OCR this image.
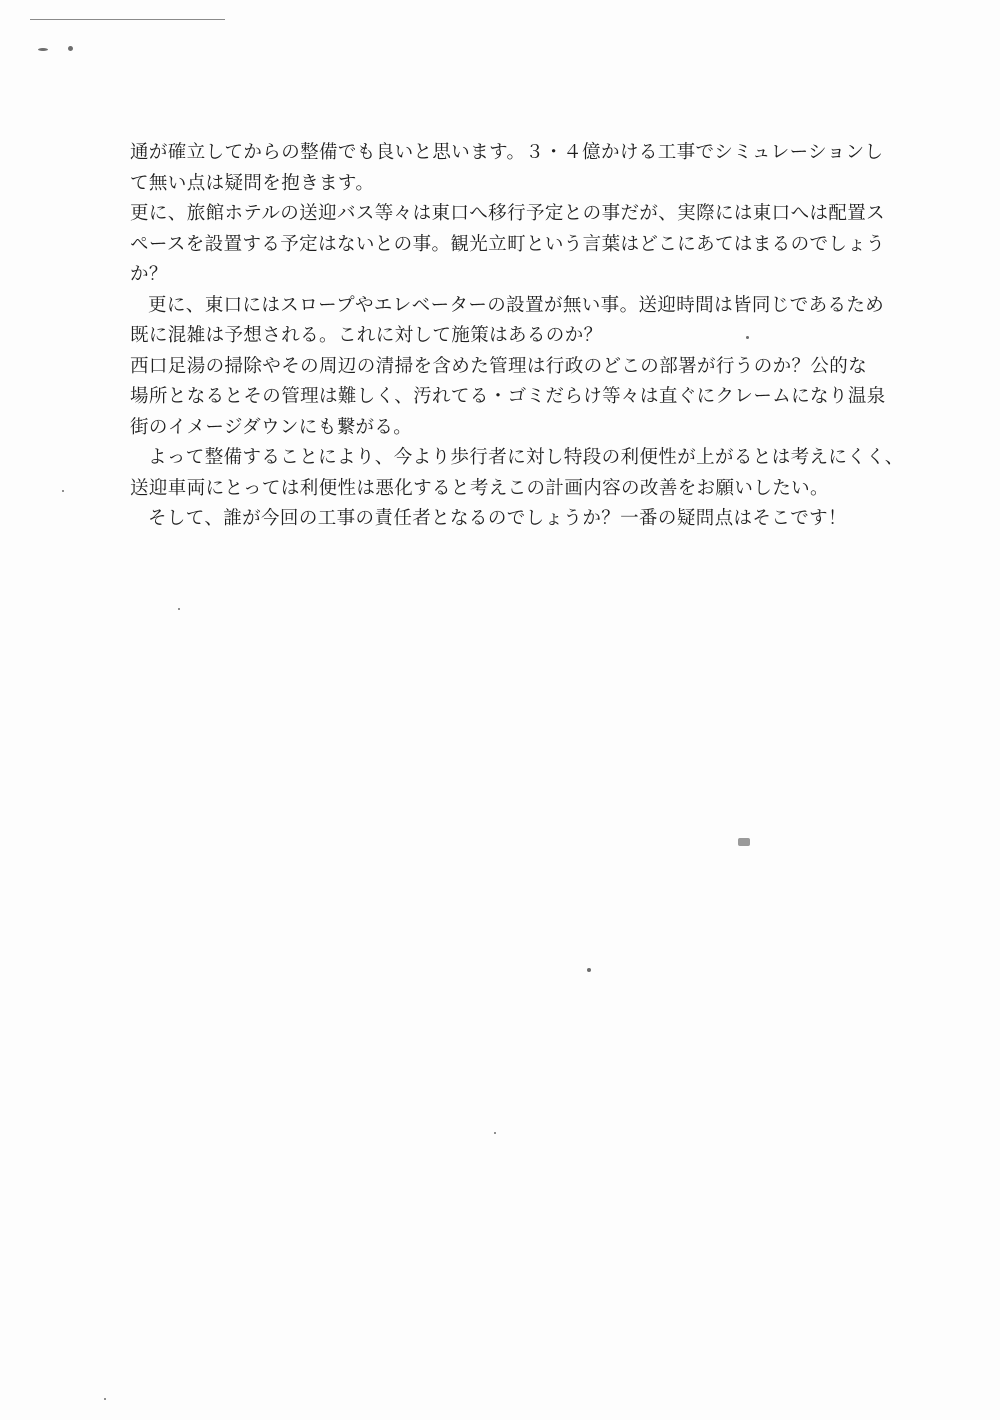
通が確立してからの整備でも良いと思います。３・４億かける工事でシミュレーションし
て無い点は疑問を抱きます。
更に、旅館ホテルの送迎バス等々は東口へ移行予定との事だが、実際には東口へは配置ス
ペースを設置する予定はないとの事。観光立町という言葉はどこにあてはまるのでしょう
か？
更に、東口にはスロープやエレベーターの設置が無い事。送迎時間は皆同じであるため
既に混雑は予想される。これに対して施策はあるのか？
西口足湯の掃除やその周辺の清掃を含めた管理は行政のどこの部署が行うのか？公的な
場所となるとその管理は難しく、汚れてる・ゴミだらけ等々は直ぐにクレームになり温泉
街のイメージダウンにも繋がる。
よって整備することにより、今より歩行者に対し特段の利便性が上がるとは考えにくく、
送迎車両にとっては利便性は悪化すると考えこの計画内容の改善をお願いしたい。
そして、誰が今回の工事の責任者となるのでしょうか？一番の疑問点はそこです！
